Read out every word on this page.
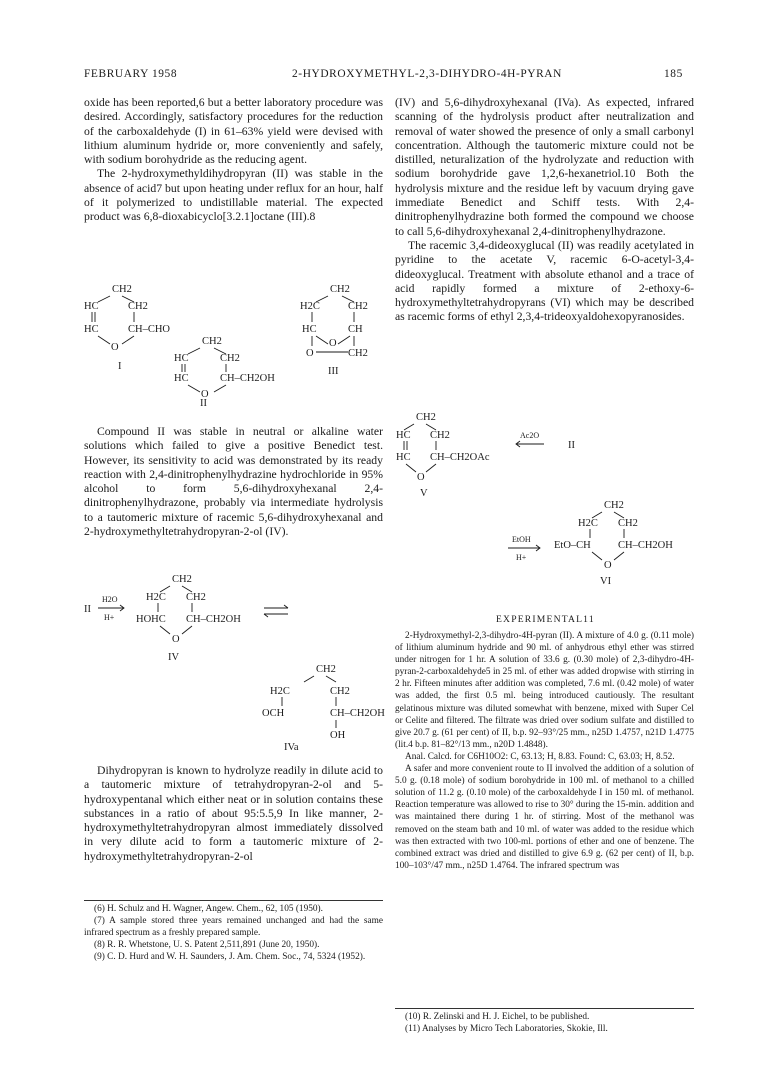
FEBRUARY 1958	2-HYDROXYMETHYL-2,3-DIHYDRO-4H-PYRAN	185

oxide has been reported,6 but a better laboratory procedure was desired. Accordingly, satisfactory procedures for the reduction of the carboxaldehyde (I) in 61–63% yield were devised with lithium aluminum hydride or, more conveniently and safely, with sodium borohydride as the reducing agent.

The 2-hydroxymethyldihydropyran (II) was stable in the absence of acid7 but upon heating under reflux for an hour, half of it polymerized to undistillable material. The expected product was 6,8-dioxabicyclo[3.2.1]octane (III).8

CH2
HC	CH2
HC	CH–CHO
O
I
CH2
HC	CH2
HC	CH–CH2OH
O
CH2
H2C	CH2
HC	CH
O
O	CH2
III
II

Compound II was stable in neutral or alkaline water solutions which failed to give a positive Benedict test. However, its sensitivity to acid was demonstrated by its ready reaction with 2,4-dinitrophenylhydrazine hydrochloride in 95% alcohol to form 5,6-dihydroxyhexanal 2,4-dinitrophenylhydrazone, probably via intermediate hydrolysis to a tautomeric mixture of racemic 5,6-dihydroxyhexanal and 2-hydroxymethyltetrahydropyran-2-ol (IV).

II
H2O
H+
CH2
H2C CH2
HOHC CH–CH2OH
O
IV
CH2
H2C	CH2
OCH	CH–CH2OH
OH
IVa

Dihydropyran is known to hydrolyze readily in dilute acid to a tautomeric mixture of tetrahydropyran-2-ol and 5-hydroxypentanal which either neat or in solution contains these substances in a ratio of about 95:5.5,9 In like manner, 2-hydroxymethyltetrahydropyran almost immediately dissolved in very dilute acid to form a tautomeric mixture of 2-hydroxymethyltetrahydropyran-2-ol

(6) H. Schulz and H. Wagner, Angew. Chem., 62, 105 (1950).

(7) A sample stored three years remained unchanged and had the same infrared spectrum as a freshly prepared sample.

(8) R. R. Whetstone, U. S. Patent 2,511,891 (June 20, 1950).

(9) C. D. Hurd and W. H. Saunders, J. Am. Chem. Soc., 74, 5324 (1952).

(IV) and 5,6-dihydroxyhexanal (IVa). As expected, infrared scanning of the hydrolysis product after neutralization and removal of water showed the presence of only a small carbonyl concentration. Although the tautomeric mixture could not be distilled, neturalization of the hydrolyzate and reduction with sodium borohydride gave 1,2,6-hexanetriol.10 Both the hydrolysis mixture and the residue left by vacuum drying gave immediate Benedict and Schiff tests. With 2,4-dinitrophenylhydrazine both formed the compound we choose to call 5,6-dihydroxyhexanal 2,4-dinitrophenylhydrazone.

The racemic 3,4-dideoxyglucal (II) was readily acetylated in pyridine to the acetate V, racemic 6-O-acetyl-3,4-dideoxyglucal. Treatment with absolute ethanol and a trace of acid rapidly formed a mixture of 2-ethoxy-6-hydroxymethyltetrahydropyrans (VI) which may be described as racemic forms of ethyl 2,3,4-trideoxyaldohexopyranosides.

CH2
HC CH2
HC CH–CH2OAc
O
V
Ac2O
II
CH2
H2C CH2
EtO–CH	CH–CH2OH
O
VI
EtOH
H+
EXPERIMENTAL11

2-Hydroxymethyl-2,3-dihydro-4H-pyran (II). A mixture of 4.0 g. (0.11 mole) of lithium aluminum hydride and 90 ml. of anhydrous ethyl ether was stirred under nitrogen for 1 hr. A solution of 33.6 g. (0.30 mole) of 2,3-dihydro-4H-pyran-2-carboxaldehyde5 in 25 ml. of ether was added dropwise with stirring in 2 hr. Fifteen minutes after addition was completed, 7.6 ml. (0.42 mole) of water was added, the first 0.5 ml. being introduced cautiously. The resultant gelatinous mixture was diluted somewhat with benzene, mixed with Super Cel or Celite and filtered. The filtrate was dried over sodium sulfate and distilled to give 20.7 g. (61 per cent) of II, b.p. 92–93°/25 mm., n25D 1.4757, n21D 1.4775 (lit.4 b.p. 81–82°/13 mm., n20D 1.4848).

Anal. Calcd. for C6H10O2: C, 63.13; H, 8.83. Found: C, 63.03; H, 8.52.

A safer and more convenient route to II involved the addition of a solution of 5.0 g. (0.18 mole) of sodium borohydride in 100 ml. of methanol to a chilled solution of 11.2 g. (0.10 mole) of the carboxaldehyde I in 150 ml. of methanol. Reaction temperature was allowed to rise to 30° during the 15-min. addition and was maintained there during 1 hr. of stirring. Most of the methanol was removed on the steam bath and 10 ml. of water was added to the residue which was then extracted with two 100-ml. portions of ether and one of benzene. The combined extract was dried and distilled to give 6.9 g. (62 per cent) of II, b.p. 100–103°/47 mm., n25D 1.4764. The infrared spectrum was

(10) R. Zelinski and H. J. Eichel, to be published.

(11) Analyses by Micro Tech Laboratories, Skokie, Ill.
